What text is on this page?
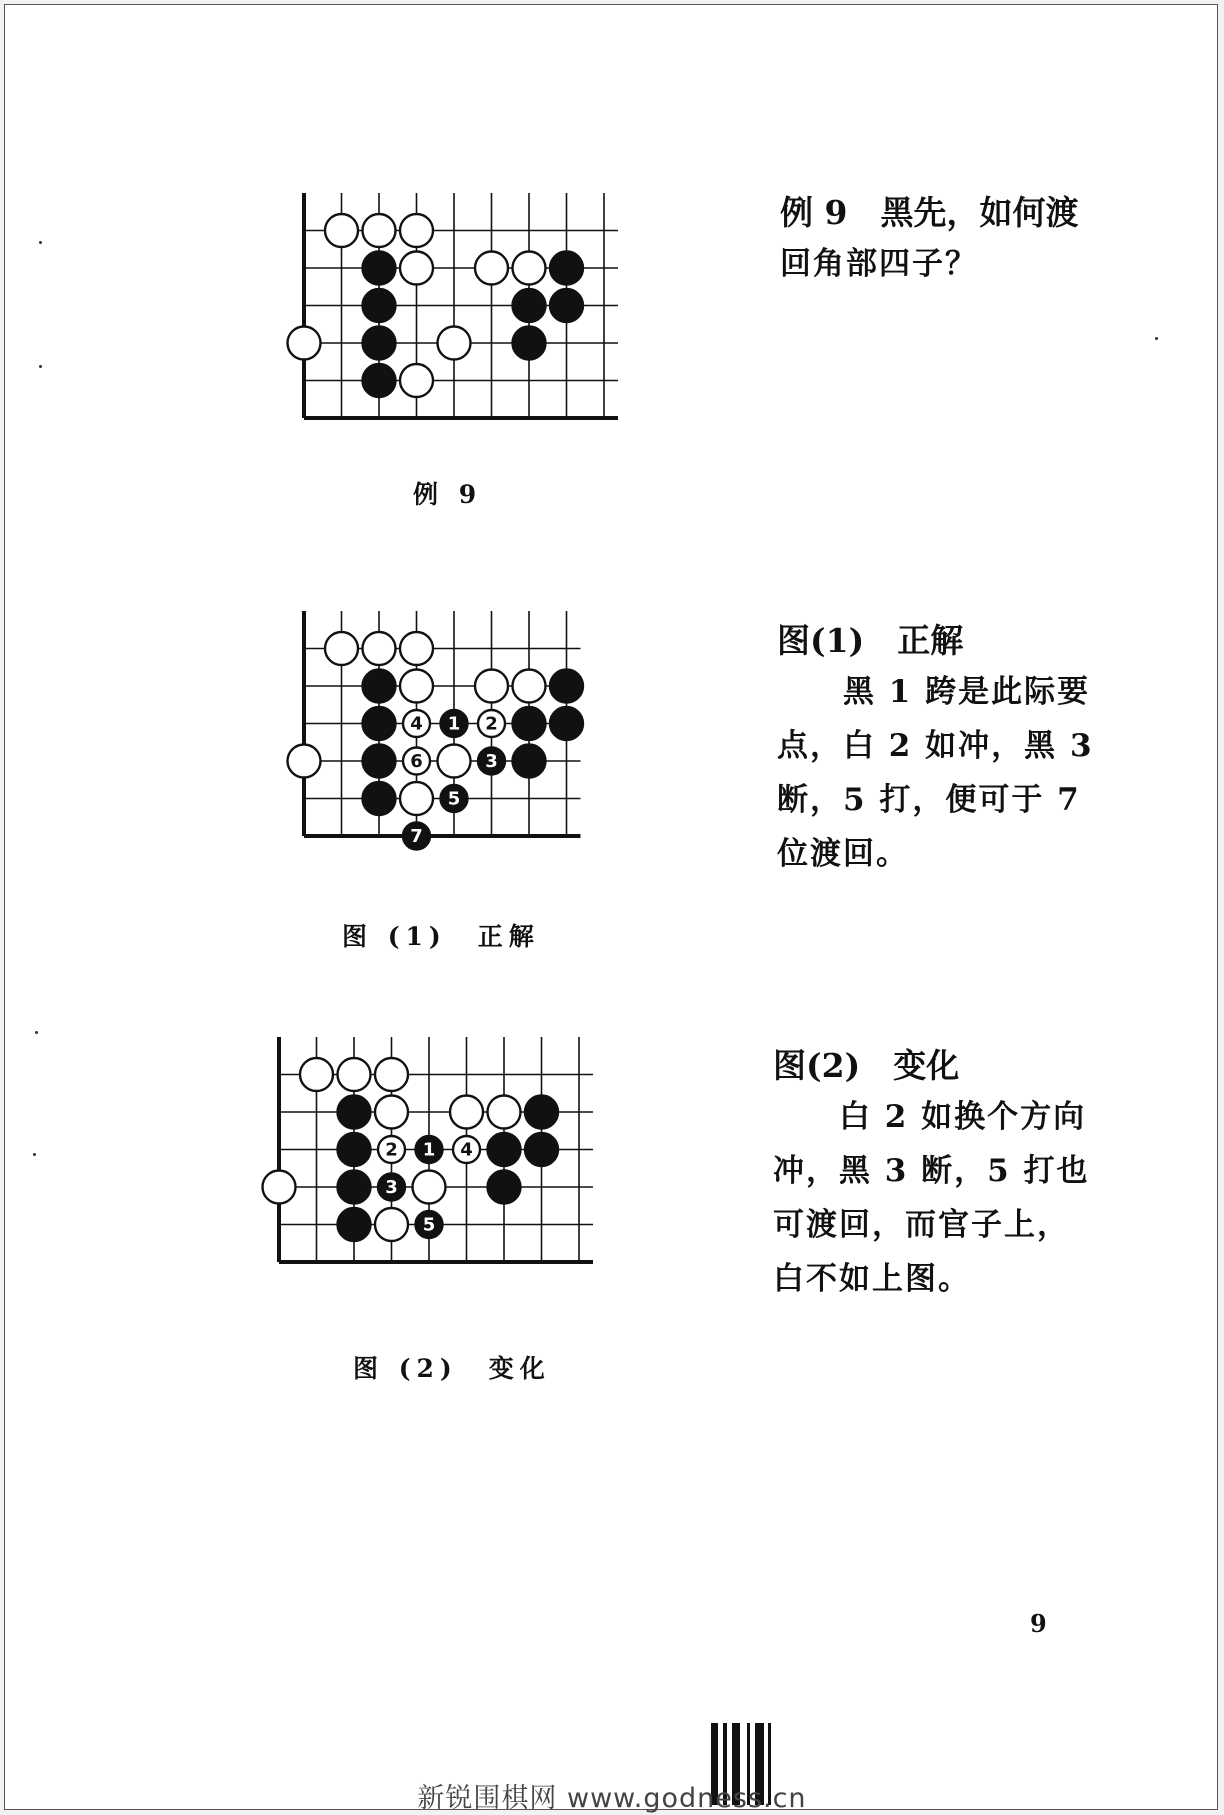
例 9
例 9　黑先，如何渡
回角部四子？
4 1 2
6	3
5
7
图 (1)　正解
图(1)　正解
黑 1 跨是此际要
点，白 2 如冲，黑 3
断，5 打，便可于 7
位渡回。
2 1 4
3
5
图 (2)　变化
图(2)　变化
白 2 如换个方向
冲，黑 3 断，5 打也
可渡回，而官子上，
白不如上图。
9
新锐围棋网 www.godness.cn
